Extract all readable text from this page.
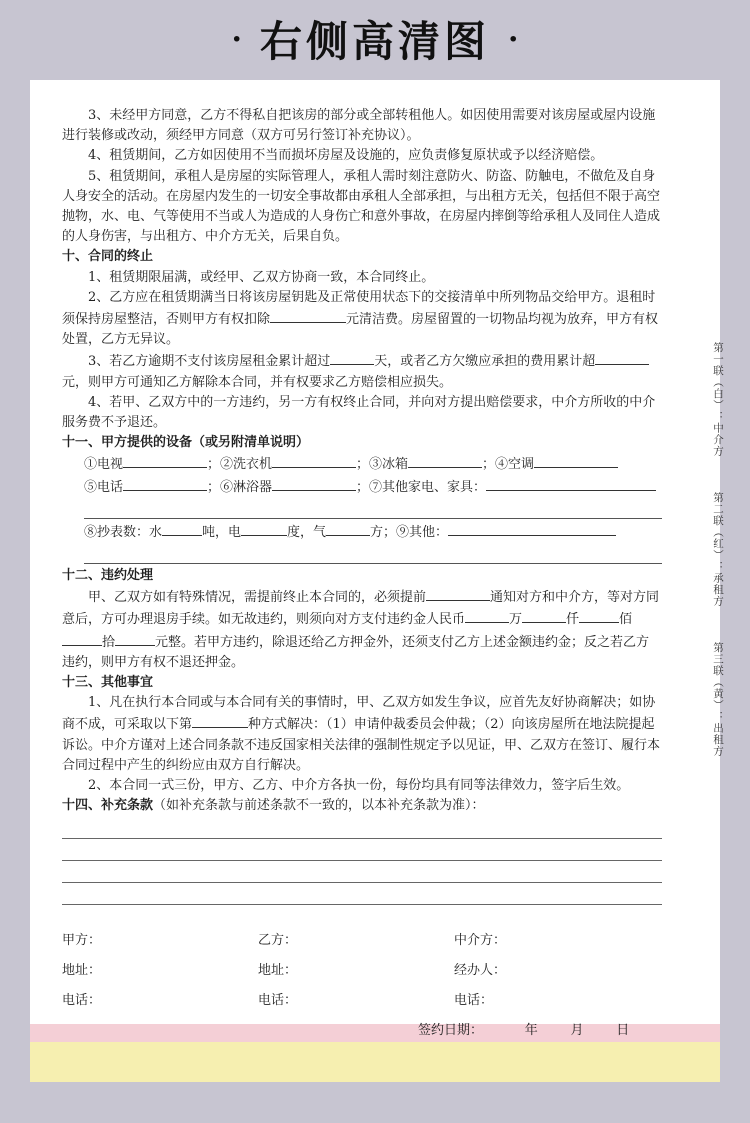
· 右侧高清图 ·

3、未经甲方同意，乙方不得私自把该房的部分或全部转租他人。如因使用需要对该房屋或屋内设施进行装修或改动，须经甲方同意（双方可另行签订补充协议）。

4、租赁期间，乙方如因使用不当而损坏房屋及设施的，应负责修复原状或予以经济赔偿。

5、租赁期间，承租人是房屋的实际管理人，承租人需时刻注意防火、防盗、防触电，不做危及自身人身安全的活动。在房屋内发生的一切安全事故都由承租人全部承担，与出租方无关，包括但不限于高空抛物，水、电、气等使用不当或人为造成的人身伤亡和意外事故，在房屋内摔倒等给承租人及同住人造成的人身伤害，与出租方、中介方无关，后果自负。

十、合同的终止

1、租赁期限届满，或经甲、乙双方协商一致，本合同终止。

2、乙方应在租赁期满当日将该房屋钥匙及正常使用状态下的交接清单中所列物品交给甲方。退租时须保持房屋整洁，否则甲方有权扣除	元清洁费。房屋留置的一切物品均视为放弃，甲方有权处置，乙方无异议。

3、若乙方逾期不支付该房屋租金累计超过	天，或者乙方欠缴应承担的费用累计超元，则甲方可通知乙方解除本合同，并有权要求乙方赔偿相应损失。

4、若甲、乙双方中的一方违约，另一方有权终止合同，并向对方提出赔偿要求，中介方所收的中介服务费不予退还。

十一、甲方提供的设备（或另附清单说明）

①电视	；②洗衣机	；③冰箱	；④空调

⑤电话	；⑥淋浴器	；⑦其他家电、家具：

⑧抄表数：水	吨，电	度，气	方；⑨其他：

十二、违约处理

甲、乙双方如有特殊情况，需提前终止本合同的，必须提前	通知对方和中介方，等对方同意后，方可办理退房手续。如无故违约，则须向对方支付违约金人民币	万	仟	佰
拾	元整。若甲方违约，除退还给乙方押金外，还须支付乙方上述金额违约金；反之若乙方违约，则甲方有权不退还押金。

十三、其他事宜

1、凡在执行本合同或与本合同有关的事情时，甲、乙双方如发生争议，应首先友好协商解决；如协商不成，可采取以下第	种方式解决：（1）申请仲裁委员会仲裁；（2）向该房屋所在地法院提起诉讼。中介方谨对上述合同条款不违反国家相关法律的强制性规定予以见证，甲、乙双方在签订、履行本合同过程中产生的纠纷应由双方自行解决。

2、本合同一式三份，甲方、乙方、中介方各执一份，每份均具有同等法律效力，签字后生效。

十四、补充条款（如补充条款与前述条款不一致的，以本补充条款为准）：

甲方：	乙方：	中介方：
地址：	地址：	经办人：
电话：	电话：	电话：
签约日期：	年	月	日
第一联（白）：中介方
第二联（红）：承租方
第三联（黄）：出租方
